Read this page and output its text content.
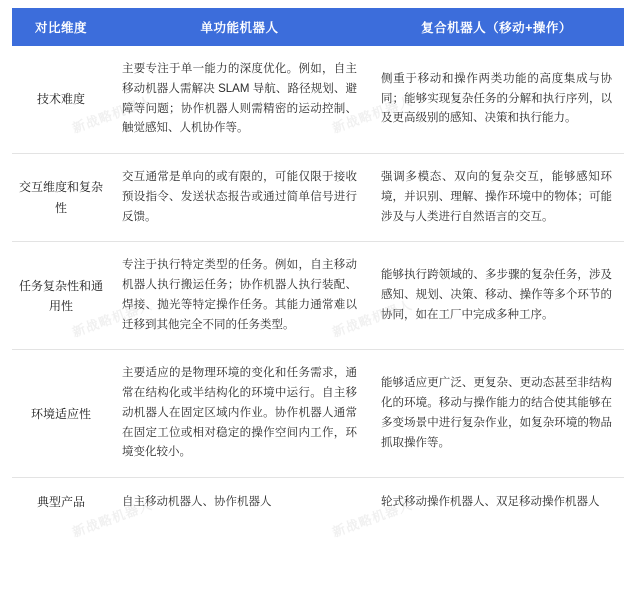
对比维度	单功能机器人	复合机器人（移动+操作）
技术难度	主要专注于单一能力的深度优化。例如，自主移动机器人需解决 SLAM 导航、路径规划、避障等问题；协作机器人则需精密的运动控制、触觉感知、人机协作等。	侧重于移动和操作两类功能的高度集成与协同；能够实现复杂任务的分解和执行序列，以及更高级别的感知、决策和执行能力。
交互维度和复杂性	交互通常是单向的或有限的，可能仅限于接收预设指令、发送状态报告或通过简单信号进行反馈。	强调多模态、双向的复杂交互，能够感知环境，并识别、理解、操作环境中的物体；可能涉及与人类进行自然语言的交互。
任务复杂性和通用性	专注于执行特定类型的任务。例如，自主移动机器人执行搬运任务；协作机器人执行装配、焊接、抛光等特定操作任务。其能力通常难以迁移到其他完全不同的任务类型。	能够执行跨领域的、多步骤的复杂任务，涉及感知、规划、决策、移动、操作等多个环节的协同，如在工厂中完成多种工序。
环境适应性	主要适应的是物理环境的变化和任务需求，通常在结构化或半结构化的环境中运行。自主移动机器人在固定区域内作业。协作机器人通常在固定工位或相对稳定的操作空间内工作，环境变化较小。	能够适应更广泛、更复杂、更动态甚至非结构化的环境。移动与操作能力的结合使其能够在多变场景中进行复杂作业，如复杂环境的物品抓取操作等。
典型产品	自主移动机器人、协作机器人	轮式移动操作机器人、双足移动操作机器人
